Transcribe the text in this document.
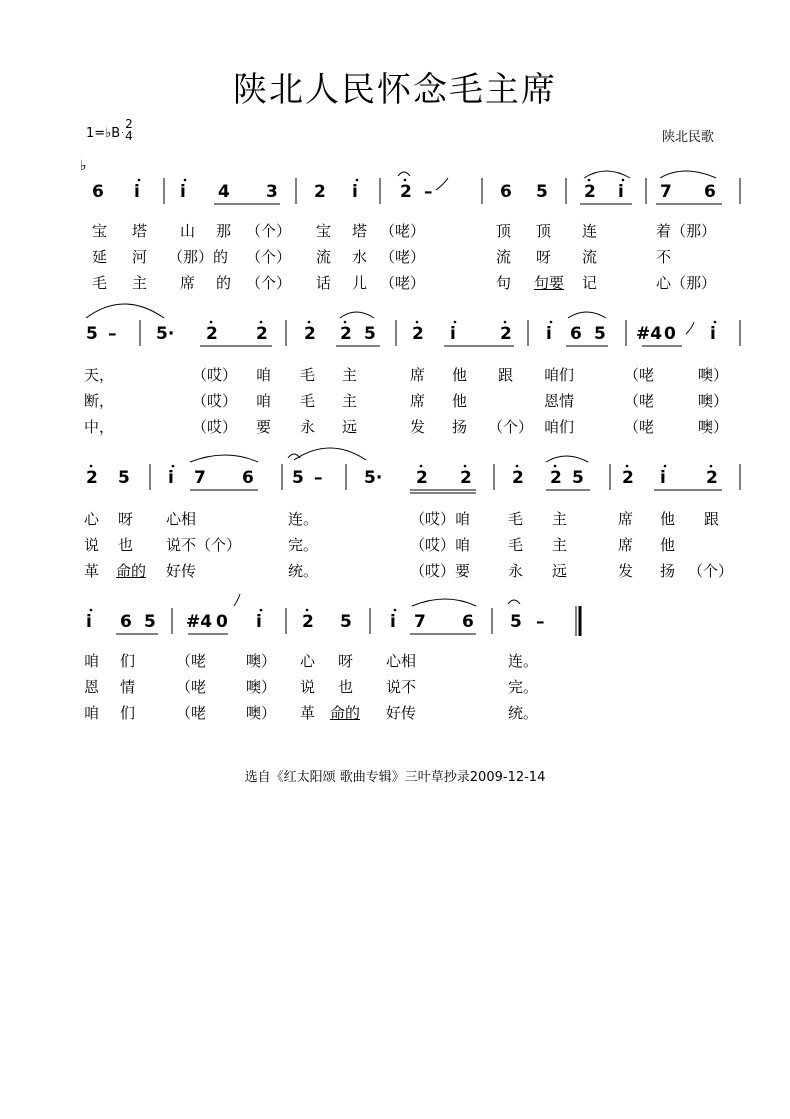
陕北人民怀念毛主席
1=♭B
2
4	陕北民歌
♭
6 i i 4 3 2 i 2 –	6 5 2 i 7 6
宝 塔 山 那 （个） 宝 塔 （咾）	顶 顶 连	着（那）
延 河 （那）的 （个） 流 水 （咾）	流 呀 流	不
毛 主 席 的 （个） 话 儿 （咾）	句 句要 记	心（那）
5 – 5· 2 2 2 2 5 2 i	2 i 6 5 #4 0 i
天，	（哎） 咱 毛 主	席 他 跟 咱们	（咾	噢）
断，	（哎） 咱 毛 主	席 他	恩情	（咾	噢）
中，	（哎） 要 永 远	发 扬 （个） 咱们	（咾	噢）
2 5 i 7 6 5 – 5· 2 2 2 2 5 2 i 2
心 呀 心相	连。	（哎）咱	毛 主	席 他 跟
说 也 说不（个）	完。	（哎）咱	毛 主	席 他
革 命的 好传	统。	（哎）要	永 远	发 扬 （个）
i 6 5 #4 0 i 2 5 i 7 6 5 –
咱 们	（咾	噢） 心 呀 心相	连。
恩 情	（咾	噢） 说 也 说不	完。
咱 们	（咾	噢） 革 命的 好传	统。
选自《红太阳颂 歌曲专辑》三叶草抄录2009-12-14
